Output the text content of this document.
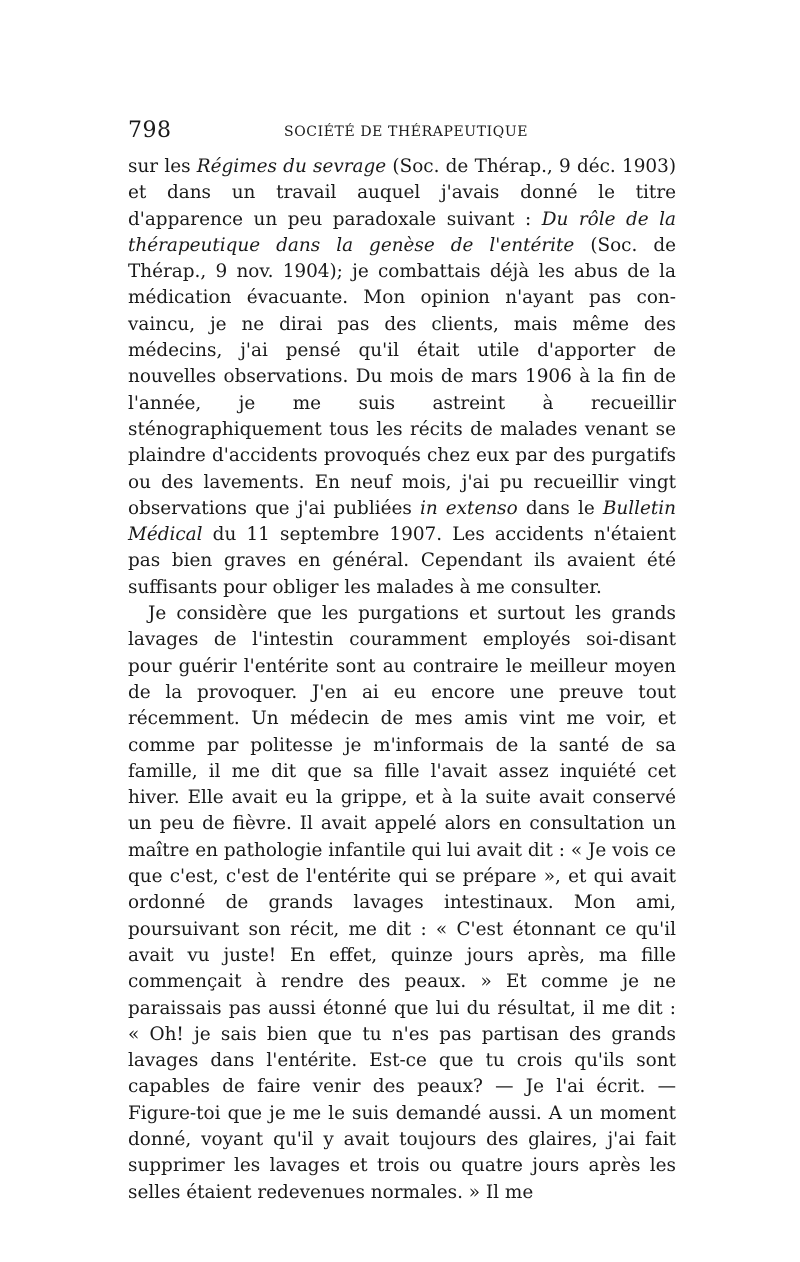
798	SOCIÉTÉ DE THÉRAPEUTIQUE

sur les Régimes du sevrage (Soc. de Thérap., 9 déc. 1903) et dans un travail auquel j'avais donné le titre d'apparence un peu paradoxale suivant : Du rôle de la thérapeutique dans la genèse de l'entérite (Soc. de Thérap., 9 nov. 1904); je combattais déjà les abus de la médication évacuante. Mon opinion n'ayant pas convaincu, je ne dirai pas des clients, mais même des médecins, j'ai pensé qu'il était utile d'apporter de nouvelles observations. Du mois de mars 1906 à la fin de l'année, je me suis astreint à recueillir sténographiquement tous les récits de malades venant se plaindre d'accidents provoqués chez eux par des purgatifs ou des lavements. En neuf mois, j'ai pu recueillir vingt observations que j'ai publiées in extenso dans le Bulletin Médical du 11 septembre 1907. Les accidents n'étaient pas bien graves en général. Cependant ils avaient été suffisants pour obliger les malades à me consulter.

Je considère que les purgations et surtout les grands lavages de l'intestin couramment employés soi-disant pour guérir l'entérite sont au contraire le meilleur moyen de la provoquer. J'en ai eu encore une preuve tout récemment. Un médecin de mes amis vint me voir, et comme par politesse je m'informais de la santé de sa famille, il me dit que sa fille l'avait assez inquiété cet hiver. Elle avait eu la grippe, et à la suite avait conservé un peu de fièvre. Il avait appelé alors en consultation un maître en pathologie infantile qui lui avait dit : « Je vois ce que c'est, c'est de l'entérite qui se prépare », et qui avait ordonné de grands lavages intestinaux. Mon ami, poursuivant son récit, me dit : « C'est étonnant ce qu'il avait vu juste! En effet, quinze jours après, ma fille commençait à rendre des peaux. » Et comme je ne paraissais pas aussi étonné que lui du résultat, il me dit : « Oh! je sais bien que tu n'es pas partisan des grands lavages dans l'entérite. Est-ce que tu crois qu'ils sont capables de faire venir des peaux? — Je l'ai écrit. — Figure-toi que je me le suis demandé aussi. A un moment donné, voyant qu'il y avait toujours des glaires, j'ai fait supprimer les lavages et trois ou quatre jours après les selles étaient redevenues normales. » Il me
